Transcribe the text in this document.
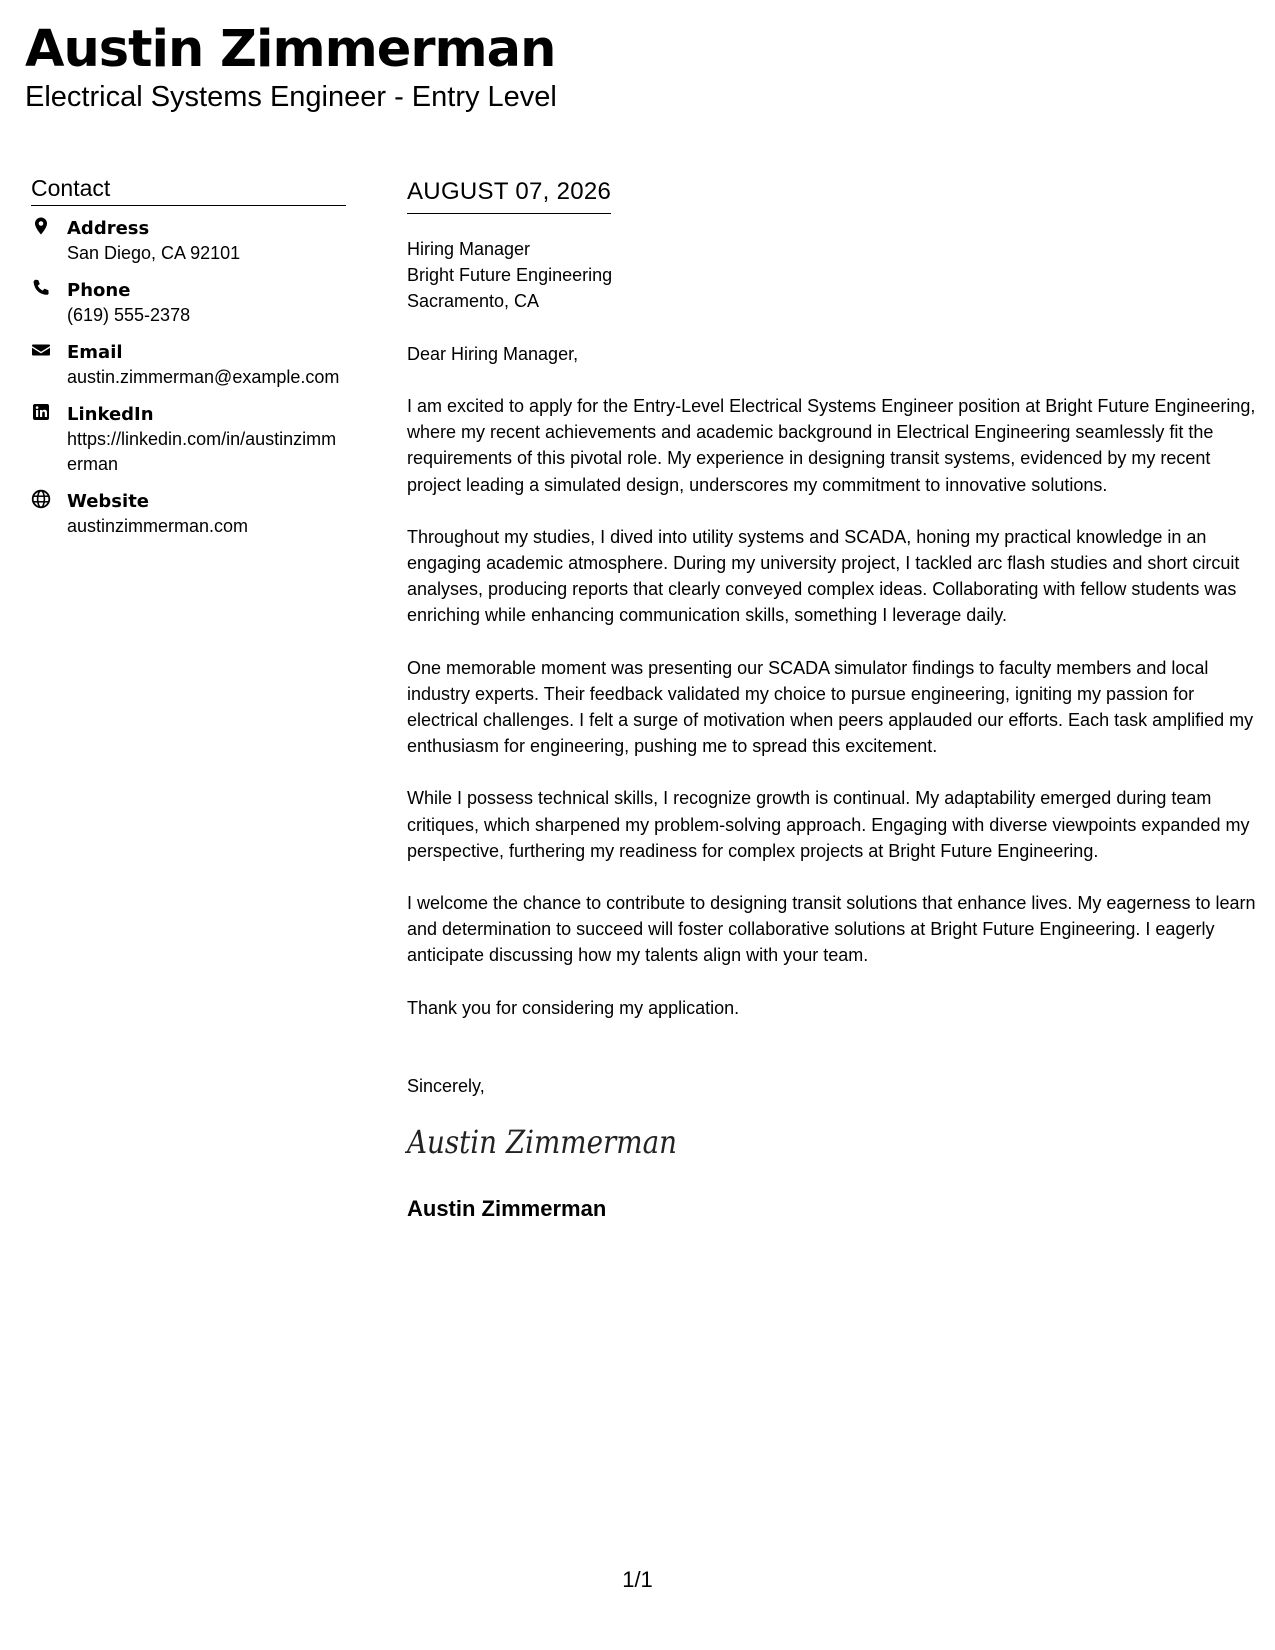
Austin Zimmerman
Electrical Systems Engineer - Entry Level
Contact
Address
San Diego, CA 92101
Phone
(619) 555-2378
Email
austin.zimmerman@example.com
LinkedIn
https://linkedin.com/in/austinzimmerman
Website
austinzimmerman.com
AUGUST 07, 2026
Hiring Manager
Bright Future Engineering
Sacramento, CA
Dear Hiring Manager,

I am excited to apply for the Entry-Level Electrical Systems Engineer position at Bright Future Engineering, where my recent achievements and academic background in Electrical Engineering seamlessly fit the requirements of this pivotal role. My experience in designing transit systems, evidenced by my recent project leading a simulated design, underscores my commitment to innovative solutions.

Throughout my studies, I dived into utility systems and SCADA, honing my practical knowledge in an engaging academic atmosphere. During my university project, I tackled arc flash studies and short circuit analyses, producing reports that clearly conveyed complex ideas. Collaborating with fellow students was enriching while enhancing communication skills, something I leverage daily.

One memorable moment was presenting our SCADA simulator findings to faculty members and local industry experts. Their feedback validated my choice to pursue engineering, igniting my passion for electrical challenges. I felt a surge of motivation when peers applauded our efforts. Each task amplified my enthusiasm for engineering, pushing me to spread this excitement.

While I possess technical skills, I recognize growth is continual. My adaptability emerged during team critiques, which sharpened my problem-solving approach. Engaging with diverse viewpoints expanded my perspective, furthering my readiness for complex projects at Bright Future Engineering.

I welcome the chance to contribute to designing transit solutions that enhance lives. My eagerness to learn and determination to succeed will foster collaborative solutions at Bright Future Engineering. I eagerly anticipate discussing how my talents align with your team.

Thank you for considering my application.

Sincerely,
Austin Zimmerman
Austin Zimmerman
1/1
